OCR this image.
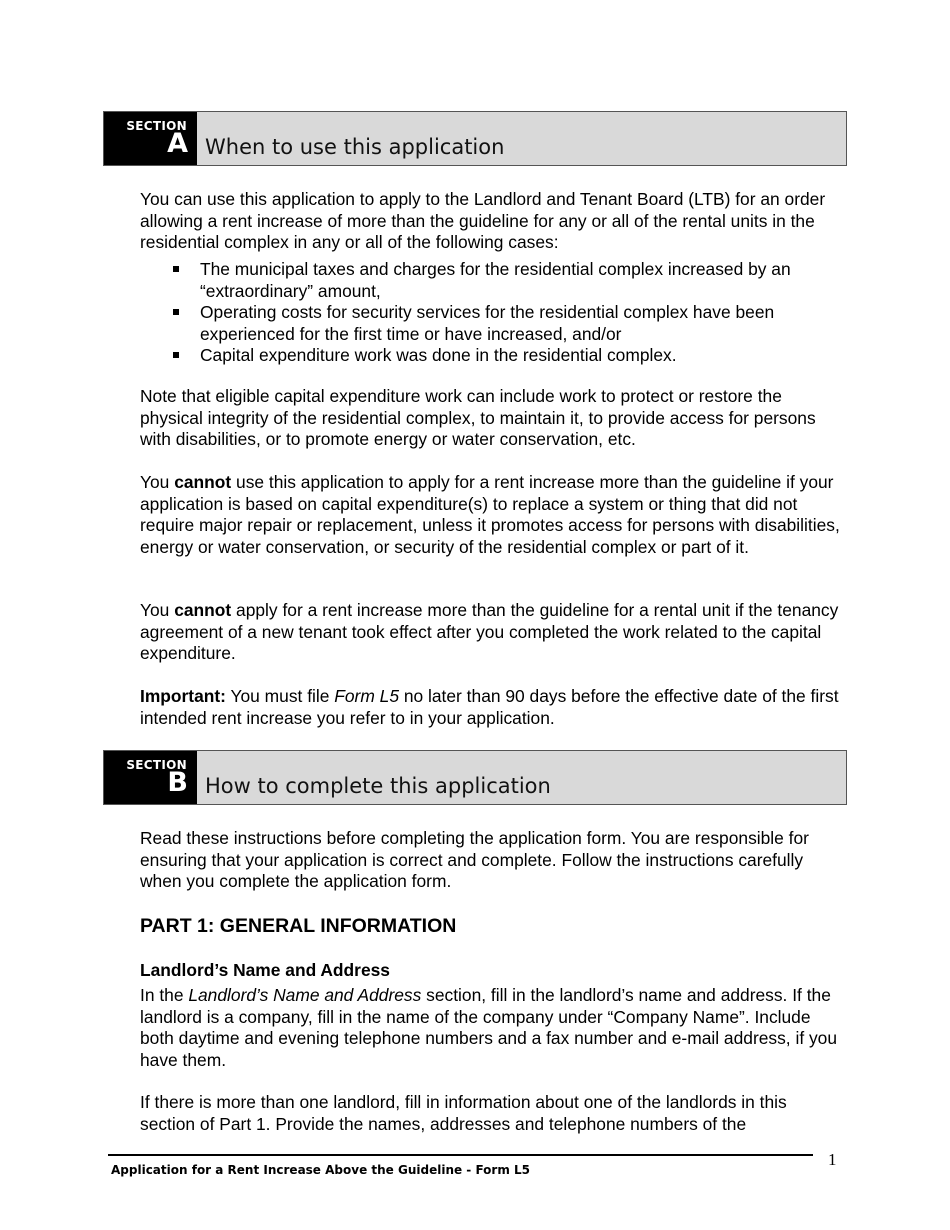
SECTION
A When to use this application

You can use this application to apply to the Landlord and Tenant Board (LTB) for an order allowing a rent increase of more than the guideline for any or all of the rental units in the residential complex in any or all of the following cases:

The municipal taxes and charges for the residential complex increased by an “extraordinary” amount,
Operating costs for security services for the residential complex have been experienced for the first time or have increased, and/or
Capital expenditure work was done in the residential complex.

Note that eligible capital expenditure work can include work to protect or restore the physical integrity of the residential complex, to maintain it, to provide access for persons with disabilities, or to promote energy or water conservation, etc.

You cannot use this application to apply for a rent increase more than the guideline if your application is based on capital expenditure(s) to replace a system or thing that did not require major repair or replacement, unless it promotes access for persons with disabilities, energy or water conservation, or security of the residential complex or part of it.

You cannot apply for a rent increase more than the guideline for a rental unit if the tenancy agreement of a new tenant took effect after you completed the work related to the capital expenditure.

Important: You must file Form L5 no later than 90 days before the effective date of the first intended rent increase you refer to in your application.

SECTION
B How to complete this application

Read these instructions before completing the application form. You are responsible for ensuring that your application is correct and complete. Follow the instructions carefully when you complete the application form.

PART 1: GENERAL INFORMATION
Landlord’s Name and Address

In the Landlord’s Name and Address section, fill in the landlord’s name and address. If the landlord is a company, fill in the name of the company under “Company Name”. Include both daytime and evening telephone numbers and a fax number and e-mail address, if you have them.

If there is more than one landlord, fill in information about one of the landlords in this section of Part 1. Provide the names, addresses and telephone numbers of the

Application for a Rent Increase Above the Guideline - Form L5
1
